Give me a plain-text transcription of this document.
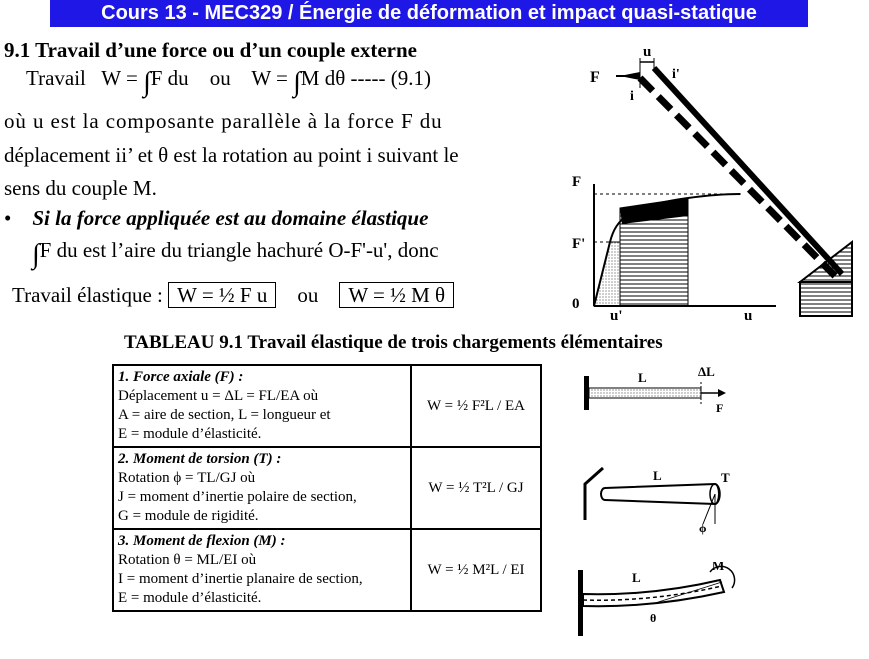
Cours 13 - MEC329 / Énergie de déformation et impact quasi-statique
9.1 Travail d’une force ou d’un couple externe
Travail W = ∫F du ou W = ∫M dθ ----- (9.1)
où u est la composante parallèle à la force F du
déplacement ii’ et θ est la rotation au point i suivant le
sens du couple M.
• Si la force appliquée est au domaine élastique
∫F du est l’aire du triangle hachuré O-F'-u', donc
Travail élastique : W = ½ F u ou W = ½ M θ
u
F
i
i'
F
F'
0
u'	u
TABLEAU 9.1 Travail élastique de trois chargements élémentaires
1. Force axiale (F) :
Déplacement u = ΔL = FL/EA où
A = aire de section, L = longueur et
E = module d’élasticité.	W = ½ F²L / EA

2. Moment de torsion (T) :
Rotation ϕ = TL/GJ où
J = moment d’inertie polaire de section,
G = module de rigidité.	W = ½ T²L / GJ

3. Moment de flexion (M) :
Rotation θ = ML/EI où
I = moment d’inertie planaire de section,
E = module d’élasticité.	W = ½ M²L / EI
L	ΔL
F
L	T
ϕ
L
M
θ
